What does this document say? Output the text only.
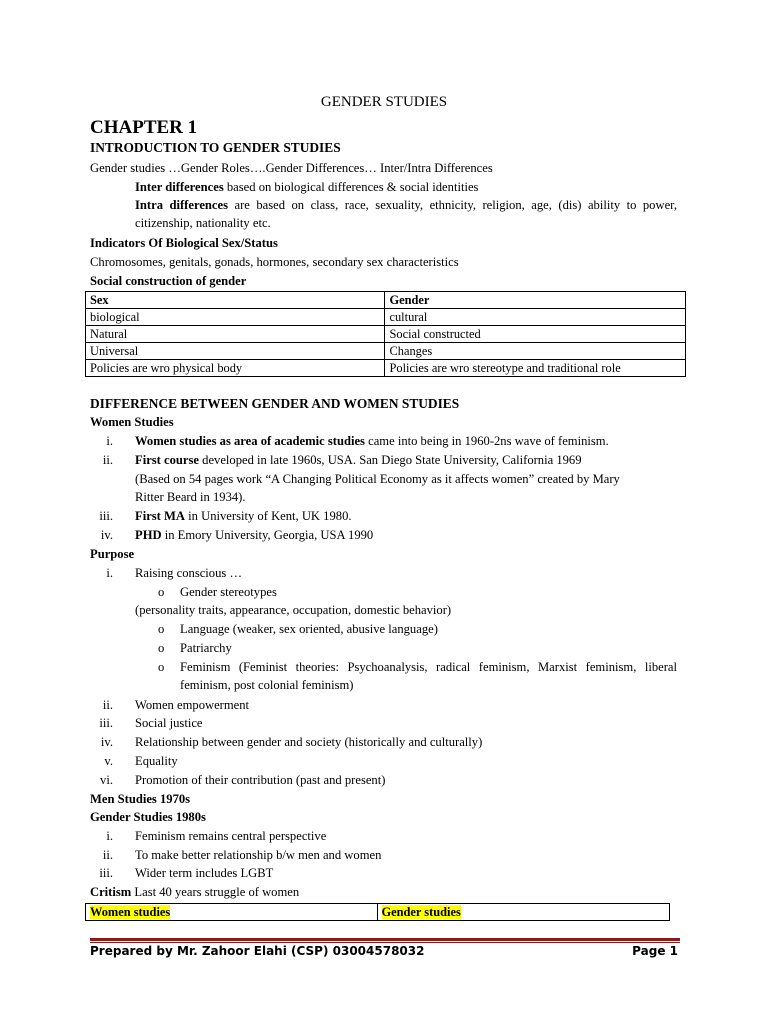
GENDER STUDIES
CHAPTER 1
INTRODUCTION TO GENDER STUDIES
Gender studies …Gender Roles….Gender Differences… Inter/Intra Differences
Inter differences based on biological differences & social identities
Intra differences are based on class, race, sexuality, ethnicity, religion, age, (dis) ability to power, citizenship, nationality etc.
Indicators Of Biological Sex/Status
Chromosomes, genitals, gonads, hormones, secondary sex characteristics
Social construction of gender
Sex	Gender
biological	cultural
Natural	Social constructed
Universal	Changes
Policies are wro physical body	Policies are wro stereotype and traditional role
DIFFERENCE BETWEEN GENDER AND WOMEN STUDIES
Women Studies
i. Women studies as area of academic studies came into being in 1960-2ns wave of feminism.
ii. First course developed in late 1960s, USA. San Diego State University, California 1969
(Based on 54 pages work “A Changing Political Economy as it affects women” created by Mary
Ritter Beard in 1934).
iii. First MA in University of Kent, UK 1980.
iv. PHD in Emory University, Georgia, USA 1990
Purpose
i. Raising conscious …
o Gender stereotypes
(personality traits, appearance, occupation, domestic behavior)
o Language (weaker, sex oriented, abusive language)
o Patriarchy
o Feminism (Feminist theories: Psychoanalysis, radical feminism, Marxist feminism, liberal feminism, post colonial feminism)
ii. Women empowerment
iii. Social justice
iv. Relationship between gender and society (historically and culturally)
v. Equality
vi. Promotion of their contribution (past and present)
Men Studies 1970s
Gender Studies 1980s
i. Feminism remains central perspective
ii. To make better relationship b/w men and women
iii. Wider term includes LGBT
Critism Last 40 years struggle of women
Women studies	Gender studies
Prepared by Mr. Zahoor Elahi (CSP) 03004578032	Page 1
